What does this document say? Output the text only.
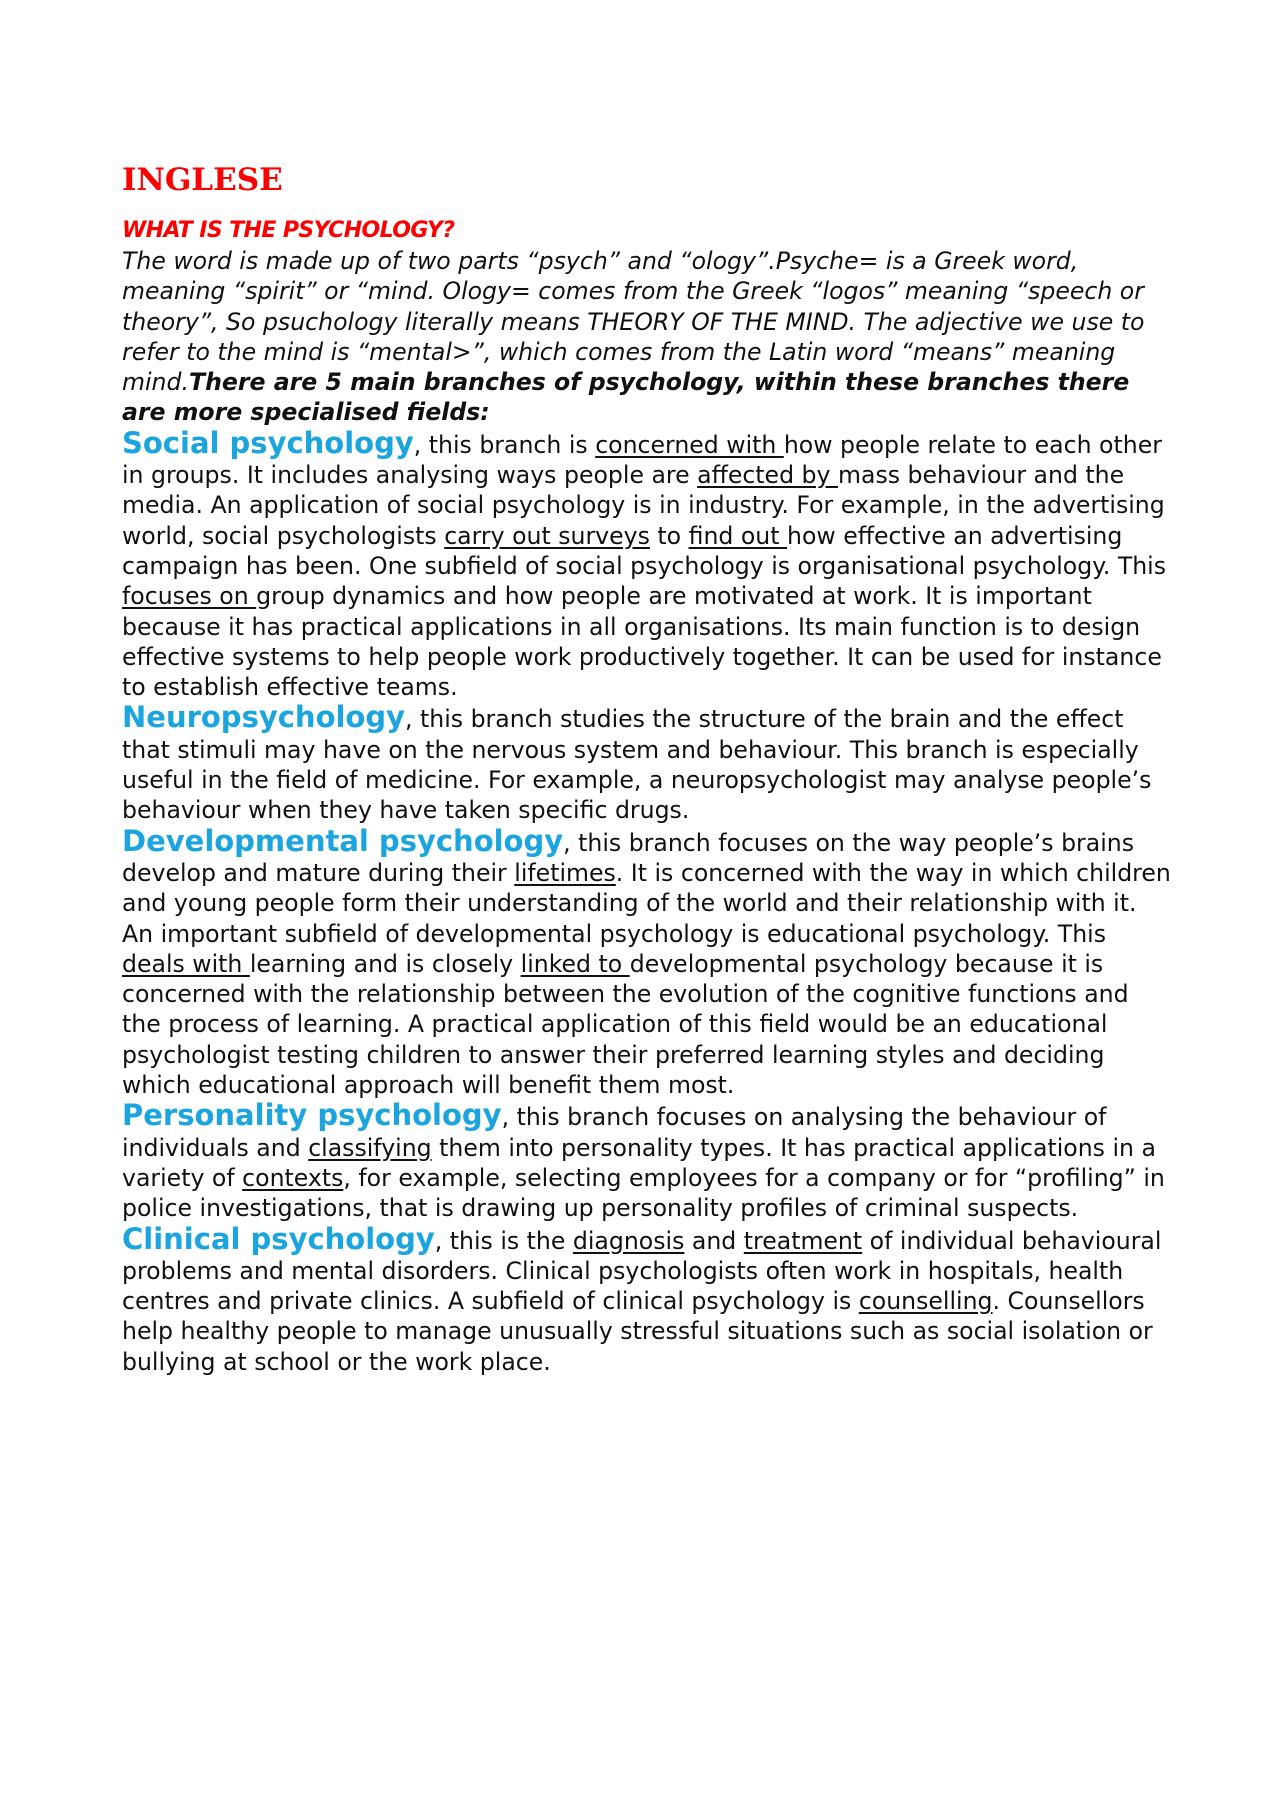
INGLESE
WHAT IS THE PSYCHOLOGY?

The word is made up of two parts “psych” and “ology”.Psyche= is a Greek word, meaning “spirit” or “mind. Ology= comes from the Greek “logos” meaning “speech or theory”, So psuchology literally means THEORY OF THE MIND. The adjective we use to refer to the mind is “mental>”, which comes from the Latin word “means” meaning mind.There are 5 main branches of psychology, within these branches there are more specialised fields:

Social psychology, this branch is concerned with how people relate to each other in groups. It includes analysing ways people are affected by mass behaviour and the media. An application of social psychology is in industry. For example, in the advertising world, social psychologists carry out surveys to find out how effective an advertising campaign has been. One subfield of social psychology is organisational psychology. This focuses on group dynamics and how people are motivated at work. It is important because it has practical applications in all organisations. Its main function is to design effective systems to help people work productively together. It can be used for instance to establish effective teams.

Neuropsychology, this branch studies the structure of the brain and the effect that stimuli may have on the nervous system and behaviour. This branch is especially useful in the field of medicine. For example, a neuropsychologist may analyse people’s behaviour when they have taken specific drugs.

Developmental psychology, this branch focuses on the way people’s brains develop and mature during their lifetimes. It is concerned with the way in which children and young people form their understanding of the world and their relationship with it. An important subfield of developmental psychology is educational psychology. This deals with learning and is closely linked to developmental psychology because it is concerned with the relationship between the evolution of the cognitive functions and the process of learning. A practical application of this field would be an educational psychologist testing children to answer their preferred learning styles and deciding which educational approach will benefit them most.

Personality psychology, this branch focuses on analysing the behaviour of individuals and classifying them into personality types. It has practical applications in a variety of contexts, for example, selecting employees for a company or for “profiling” in police investigations, that is drawing up personality profiles of criminal suspects.

Clinical psychology, this is the diagnosis and treatment of individual behavioural problems and mental disorders. Clinical psychologists often work in hospitals, health centres and private clinics. A subfield of clinical psychology is counselling. Counsellors help healthy people to manage unusually stressful situations such as social isolation or bullying at school or the work place.
